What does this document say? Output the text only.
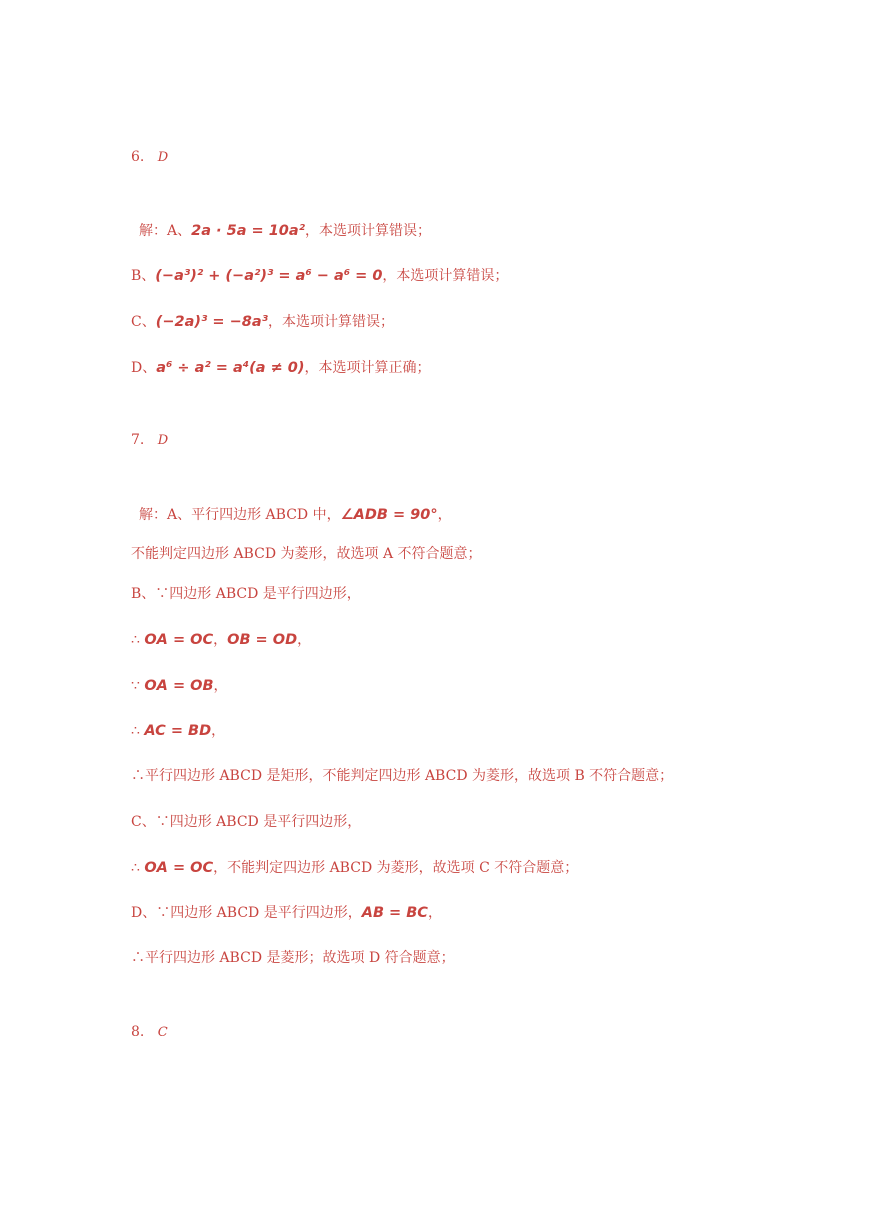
6. D
解：A、2a · 5a = 10a²，本选项计算错误；
B、(−a³)² + (−a²)³ = a⁶ − a⁶ = 0，本选项计算错误；
C、(−2a)³ = −8a³，本选项计算错误；
D、a⁶ ÷ a² = a⁴(a ≠ 0)，本选项计算正确；
7. D
解：A、平行四边形 ABCD 中，∠ADB = 90°，
不能判定四边形 ABCD 为菱形，故选项 A 不符合题意；
B、∵四边形 ABCD 是平行四边形，
∴ OA = OC，OB = OD，
∵ OA = OB，
∴ AC = BD，
∴平行四边形 ABCD 是矩形，不能判定四边形 ABCD 为菱形，故选项 B 不符合题意；
C、∵四边形 ABCD 是平行四边形，
∴ OA = OC，不能判定四边形 ABCD 为菱形，故选项 C 不符合题意；
D、∵四边形 ABCD 是平行四边形，AB = BC，
∴平行四边形 ABCD 是菱形；故选项 D 符合题意；
8. C
